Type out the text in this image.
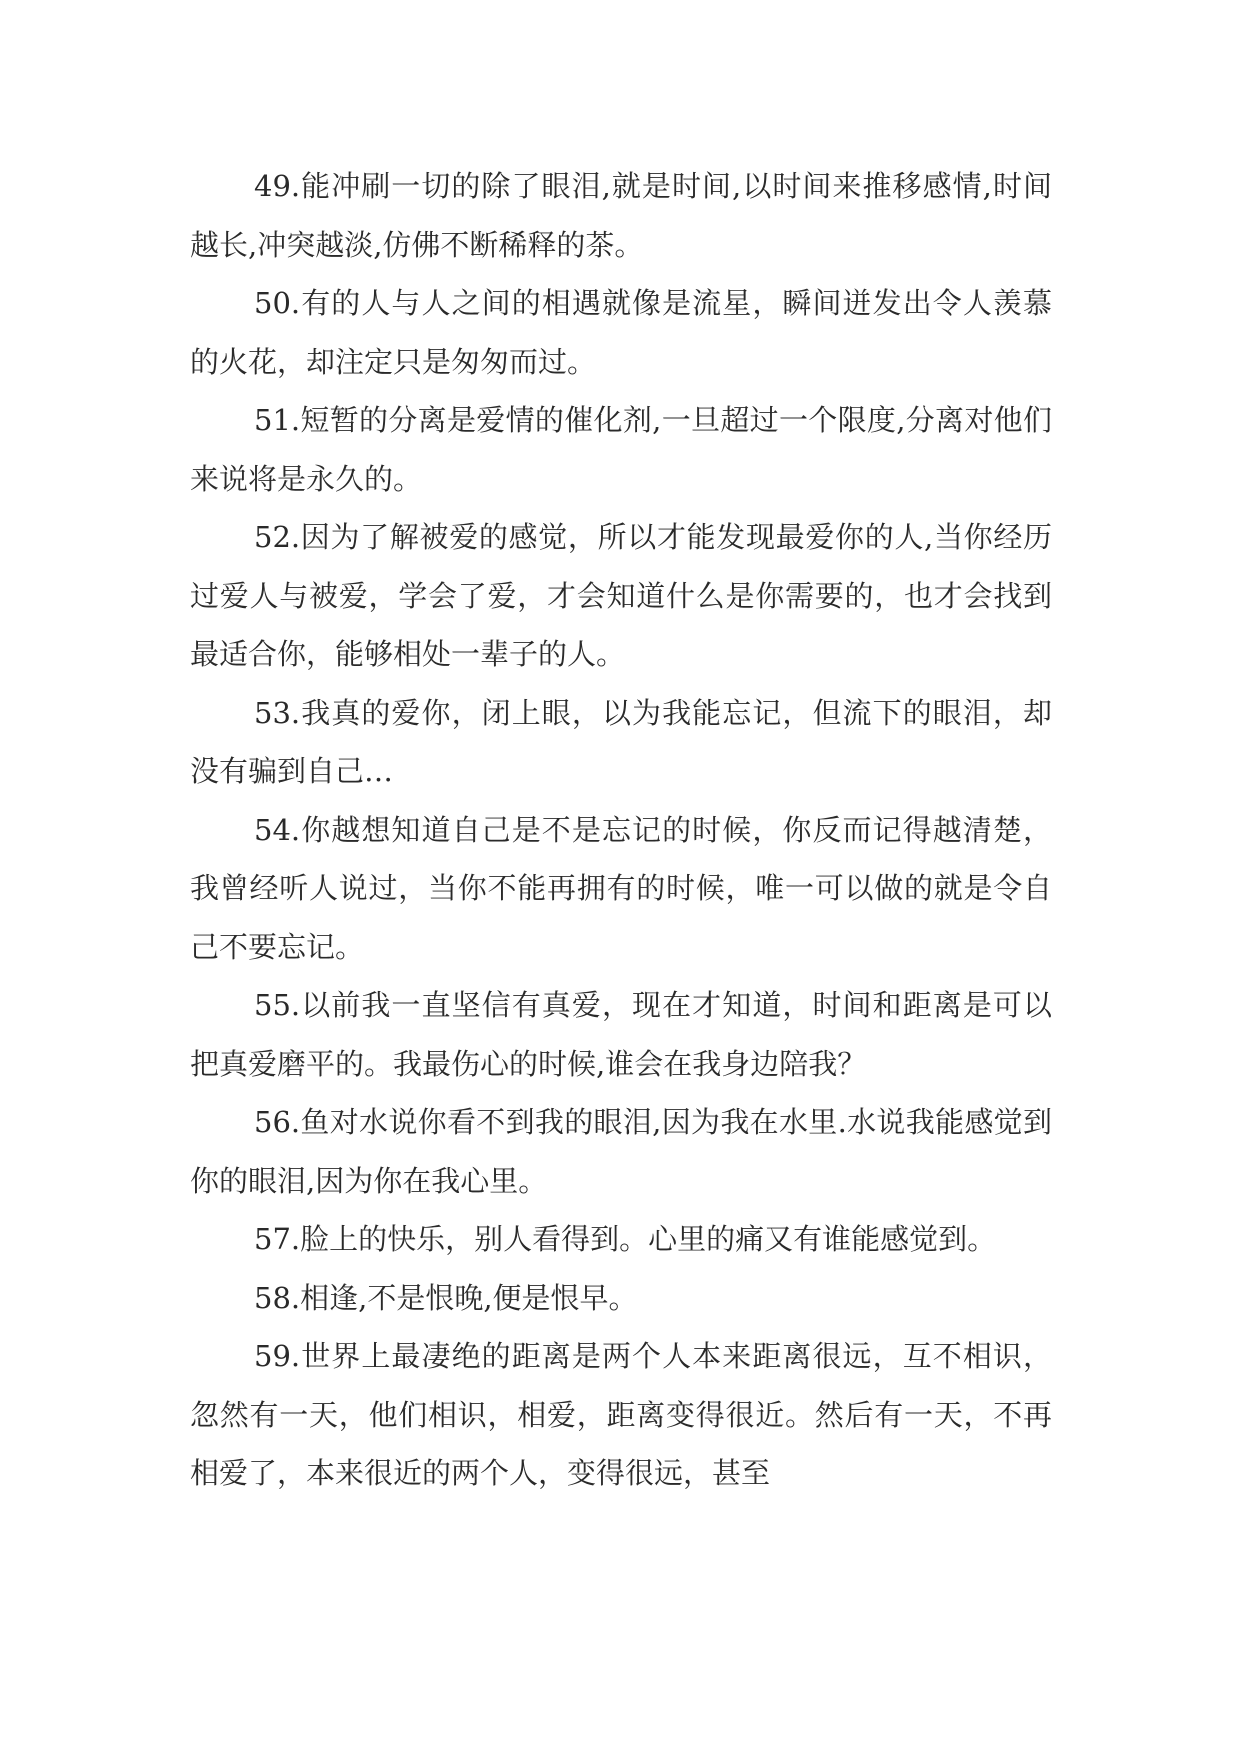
49.能冲刷一切的除了眼泪,就是时间,以时间来推移感情,时间越长,冲突越淡,仿佛不断稀释的茶。

50.有的人与人之间的相遇就像是流星，瞬间迸发出令人羡慕的火花，却注定只是匆匆而过。

51.短暂的分离是爱情的催化剂,一旦超过一个限度,分离对他们来说将是永久的。

52.因为了解被爱的感觉，所以才能发现最爱你的人,当你经历过爱人与被爱，学会了爱，才会知道什么是你需要的，也才会找到最适合你，能够相处一辈子的人。

53.我真的爱你，闭上眼，以为我能忘记，但流下的眼泪，却没有骗到自己…

54.你越想知道自己是不是忘记的时候，你反而记得越清楚，我曾经听人说过，当你不能再拥有的时候，唯一可以做的就是令自己不要忘记。

55.以前我一直坚信有真爱，现在才知道，时间和距离是可以把真爱磨平的。我最伤心的时候,谁会在我身边陪我？

56.鱼对水说你看不到我的眼泪,因为我在水里.水说我能感觉到你的眼泪,因为你在我心里。

57.脸上的快乐，别人看得到。心里的痛又有谁能感觉到。

58.相逢,不是恨晚,便是恨早。

59.世界上最凄绝的距离是两个人本来距离很远，互不相识，忽然有一天，他们相识，相爱，距离变得很近。然后有一天，不再相爱了，本来很近的两个人，变得很远，甚至
